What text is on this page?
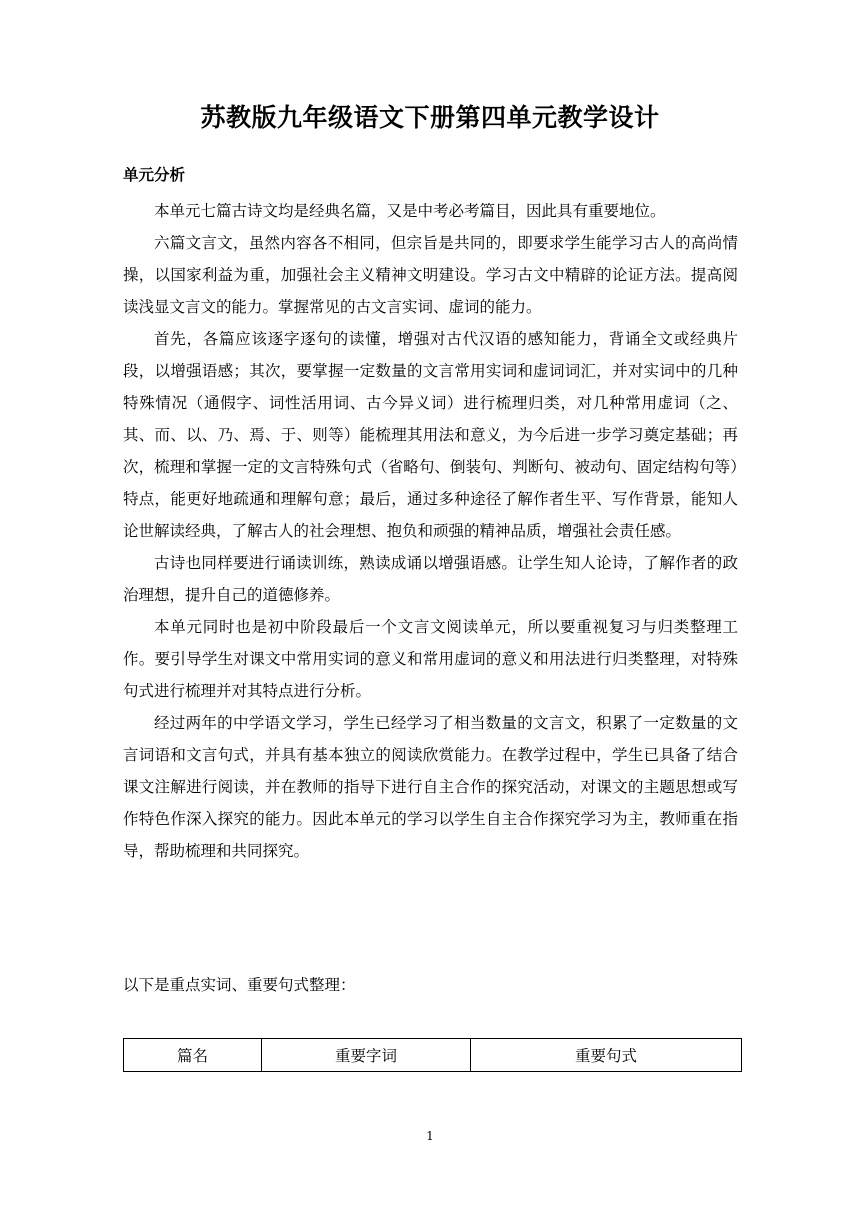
苏教版九年级语文下册第四单元教学设计
单元分析

本单元七篇古诗文均是经典名篇，又是中考必考篇目，因此具有重要地位。

六篇文言文，虽然内容各不相同，但宗旨是共同的，即要求学生能学习古人的高尚情操，以国家利益为重，加强社会主义精神文明建设。学习古文中精辟的论证方法。提高阅读浅显文言文的能力。掌握常见的古文言实词、虚词的能力。

首先，各篇应该逐字逐句的读懂，增强对古代汉语的感知能力，背诵全文或经典片段，以增强语感；其次，要掌握一定数量的文言常用实词和虚词词汇，并对实词中的几种特殊情况（通假字、词性活用词、古今异义词）进行梳理归类，对几种常用虚词（之、其、而、以、乃、焉、于、则等）能梳理其用法和意义，为今后进一步学习奠定基础；再次，梳理和掌握一定的文言特殊句式（省略句、倒装句、判断句、被动句、固定结构句等）特点，能更好地疏通和理解句意；最后，通过多种途径了解作者生平、写作背景，能知人论世解读经典，了解古人的社会理想、抱负和顽强的精神品质，增强社会责任感。

古诗也同样要进行诵读训练，熟读成诵以增强语感。让学生知人论诗，了解作者的政治理想，提升自己的道德修养。

本单元同时也是初中阶段最后一个文言文阅读单元，所以要重视复习与归类整理工作。要引导学生对课文中常用实词的意义和常用虚词的意义和用法进行归类整理，对特殊句式进行梳理并对其特点进行分析。

经过两年的中学语文学习，学生已经学习了相当数量的文言文，积累了一定数量的文言词语和文言句式，并具有基本独立的阅读欣赏能力。在教学过程中，学生已具备了结合课文注解进行阅读，并在教师的指导下进行自主合作的探究活动，对课文的主题思想或写作特色作深入探究的能力。因此本单元的学习以学生自主合作探究学习为主，教师重在指导，帮助梳理和共同探究。

以下是重点实词、重要句式整理：
篇名	重要字词	重要句式
1
